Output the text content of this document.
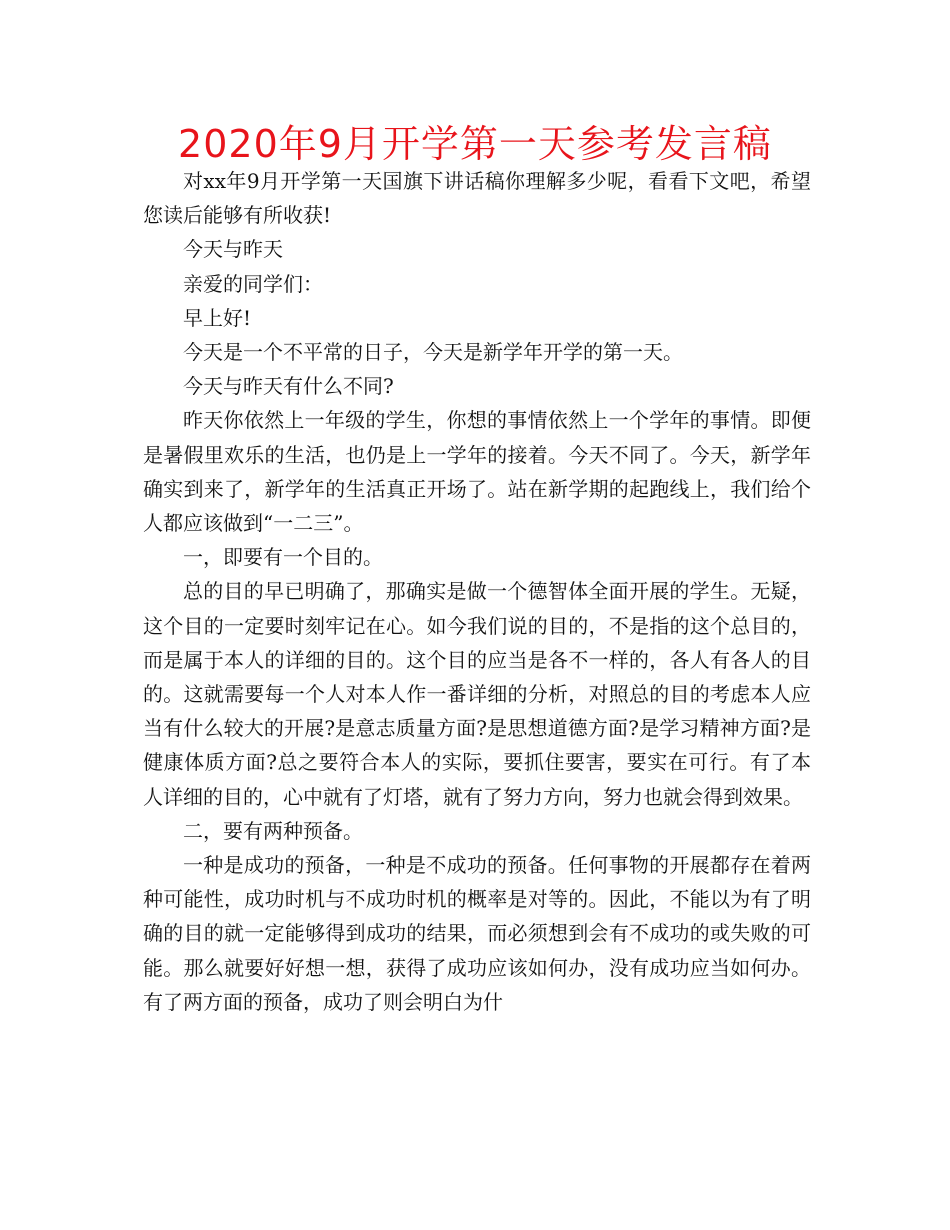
2020年9月开学第一天参考发言稿

对xx年9月开学第一天国旗下讲话稿你理解多少呢，看看下文吧，希望您读后能够有所收获!

今天与昨天

亲爱的同学们：

早上好!

今天是一个不平常的日子，今天是新学年开学的第一天。

今天与昨天有什么不同?

昨天你依然上一年级的学生，你想的事情依然上一个学年的事情。即便是暑假里欢乐的生活，也仍是上一学年的接着。今天不同了。今天，新学年确实到来了，新学年的生活真正开场了。站在新学期的起跑线上，我们给个人都应该做到“一二三”。

一，即要有一个目的。

总的目的早已明确了，那确实是做一个德智体全面开展的学生。无疑，这个目的一定要时刻牢记在心。如今我们说的目的，不是指的这个总目的，而是属于本人的详细的目的。这个目的应当是各不一样的，各人有各人的目的。这就需要每一个人对本人作一番详细的分析，对照总的目的考虑本人应当有什么较大的开展?是意志质量方面?是思想道德方面?是学习精神方面?是健康体质方面?总之要符合本人的实际，要抓住要害，要实在可行。有了本人详细的目的，心中就有了灯塔，就有了努力方向，努力也就会得到效果。

二，要有两种预备。

一种是成功的预备，一种是不成功的预备。任何事物的开展都存在着两种可能性，成功时机与不成功时机的概率是对等的。因此，不能以为有了明确的目的就一定能够得到成功的结果，而必须想到会有不成功的或失败的可能。那么就要好好想一想，获得了成功应该如何办，没有成功应当如何办。有了两方面的预备，成功了则会明白为什
